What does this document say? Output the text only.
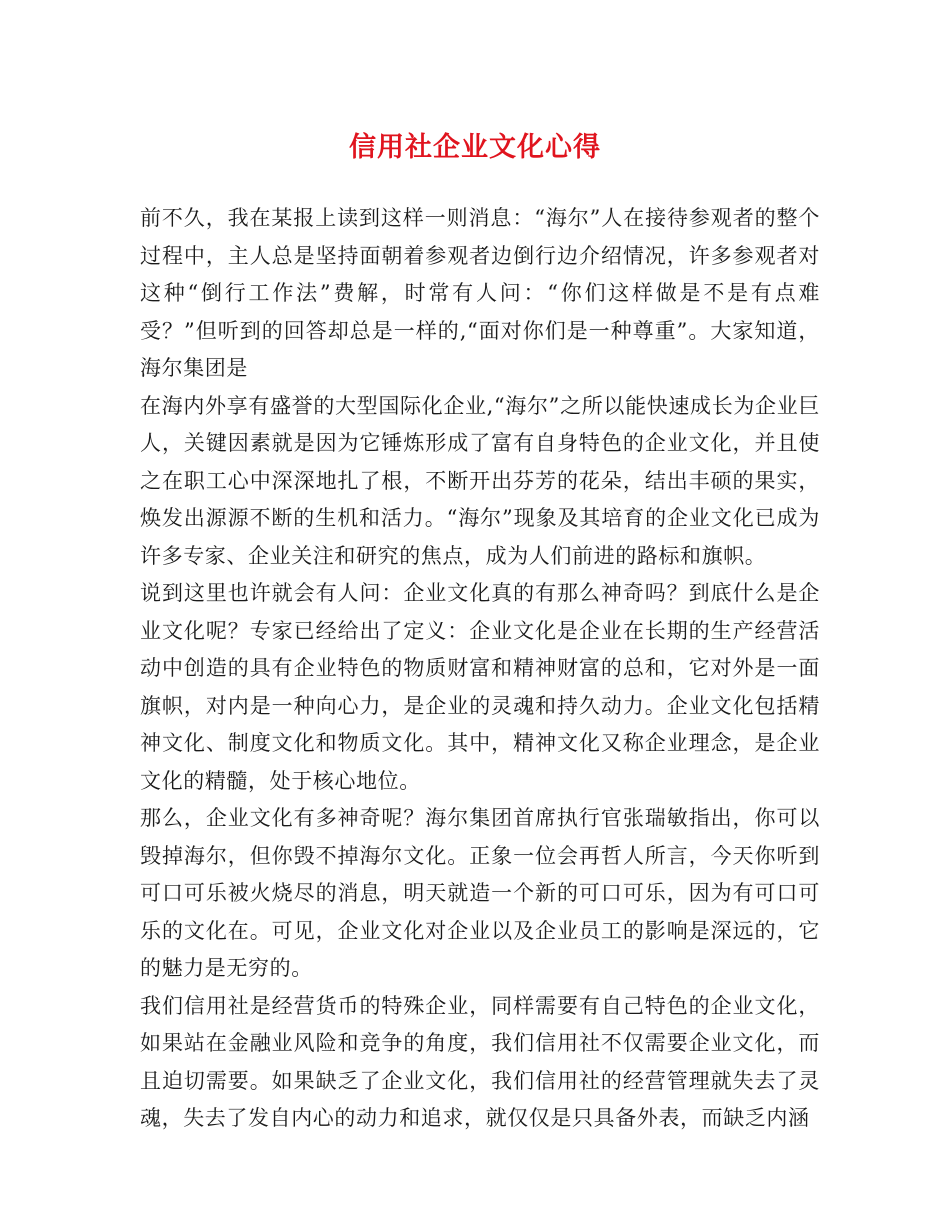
信用社企业文化心得

前不久，我在某报上读到这样一则消息：“海尔”人在接待参观者的整个过程中，主人总是坚持面朝着参观者边倒行边介绍情况，许多参观者对这种“倒行工作法”费解，时常有人问：“你们这样做是不是有点难受？”但听到的回答却总是一样的,“面对你们是一种尊重”。大家知道，海尔集团是

在海内外享有盛誉的大型国际化企业,“海尔”之所以能快速成长为企业巨人，关键因素就是因为它锤炼形成了富有自身特色的企业文化，并且使之在职工心中深深地扎了根，不断开出芬芳的花朵，结出丰硕的果实，焕发出源源不断的生机和活力。“海尔”现象及其培育的企业文化已成为许多专家、企业关注和研究的焦点，成为人们前进的路标和旗帜。

说到这里也许就会有人问：企业文化真的有那么神奇吗？到底什么是企业文化呢？专家已经给出了定义：企业文化是企业在长期的生产经营活动中创造的具有企业特色的物质财富和精神财富的总和，它对外是一面旗帜，对内是一种向心力，是企业的灵魂和持久动力。企业文化包括精神文化、制度文化和物质文化。其中，精神文化又称企业理念，是企业文化的精髓，处于核心地位。

那么，企业文化有多神奇呢？海尔集团首席执行官张瑞敏指出，你可以毁掉海尔，但你毁不掉海尔文化。正象一位会再哲人所言，今天你听到可口可乐被火烧尽的消息，明天就造一个新的可口可乐，因为有可口可乐的文化在。可见，企业文化对企业以及企业员工的影响是深远的，它的魅力是无穷的。

我们信用社是经营货币的特殊企业，同样需要有自己特色的企业文化，如果站在金融业风险和竞争的角度，我们信用社不仅需要企业文化，而且迫切需要。如果缺乏了企业文化，我们信用社的经营管理就失去了灵魂，失去了发自内心的动力和追求，就仅仅是只具备外表，而缺乏内涵
